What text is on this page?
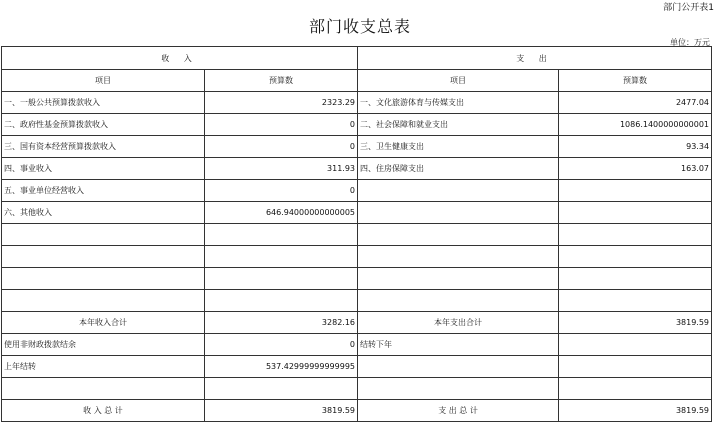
部门公开表1
部门收支总表
单位：万元
收 入		支 出	
项目	预算数	项目	预算数
一、一般公共预算拨款收入	2323.29	一、文化旅游体育与传媒支出	2477.04
二、政府性基金预算拨款收入	0	二、社会保障和就业支出	1086.1400000000001
三、国有资本经营预算拨款收入	0	三、卫生健康支出	93.34
四、事业收入	311.93	四、住房保障支出	163.07
五、事业单位经营收入	0		
六、其他收入	646.94000000000005		

本年收入合计	3282.16	本年支出合计	3819.59
使用非财政拨款结余	0	结转下年	
上年结转	537.42999999999995		

收 入 总 计	3819.59	支 出 总 计	3819.59
